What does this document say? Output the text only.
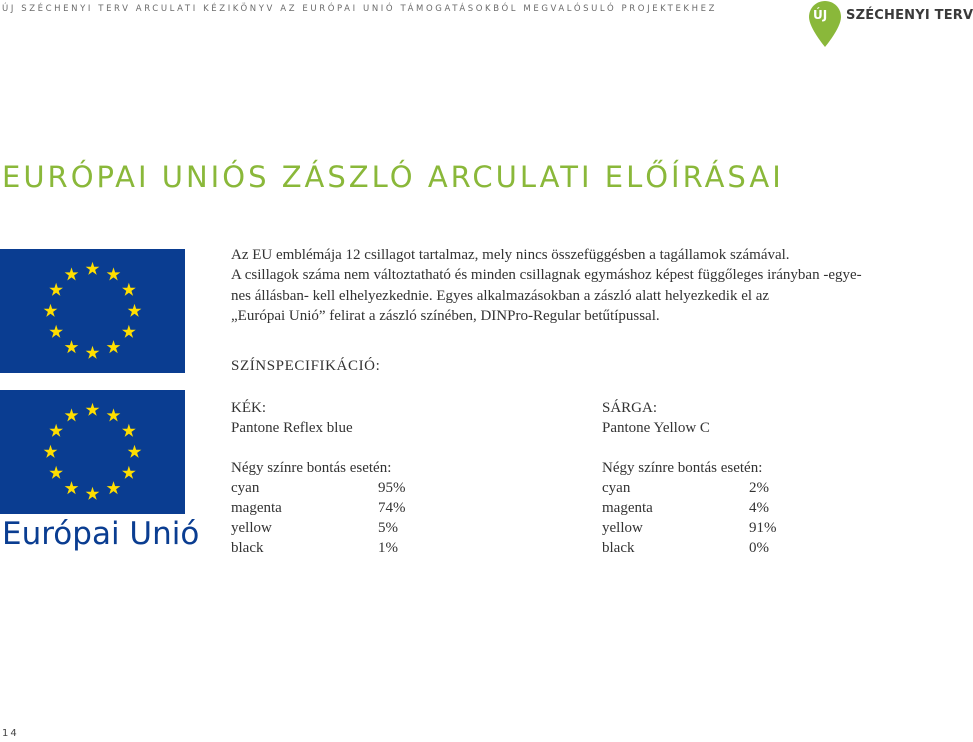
ÚJ SZÉCHENYI TERV ARCULATI KÉZIKÖNYV AZ EURÓPAI UNIÓ TÁMOGATÁSOKBÓL MEGVALÓSULÓ PROJEKTEKHEZ	ÚJ SZÉCHENYI TERV
EURÓPAI UNIÓS ZÁSZLÓ ARCULATI ELŐÍRÁSAI

Az EU emblémája 12 csillagot tartalmaz, mely nincs összefüggésben a tagállamok számával.

A csillagok száma nem változtatható és minden csillagnak egymáshoz képest függőleges irányban -egye-

nes állásban- kell elhelyezkednie. Egyes alkalmazásokban a zászló alatt helyezkedik el az

„Európai Unió” felirat a zászló színében, DINPro-Regular betűtípussal.

SZÍNSPECIFIKÁCIÓ:
Európai Unió
KÉK:
Pantone Reflex blue
Négy színre bontás esetén:
cyan	95%
magenta	74%
yellow	5%
black	1%
SÁRGA:
Pantone Yellow C
Négy színre bontás esetén:
cyan	2%
magenta	4%
yellow	91%
black	0%
14
